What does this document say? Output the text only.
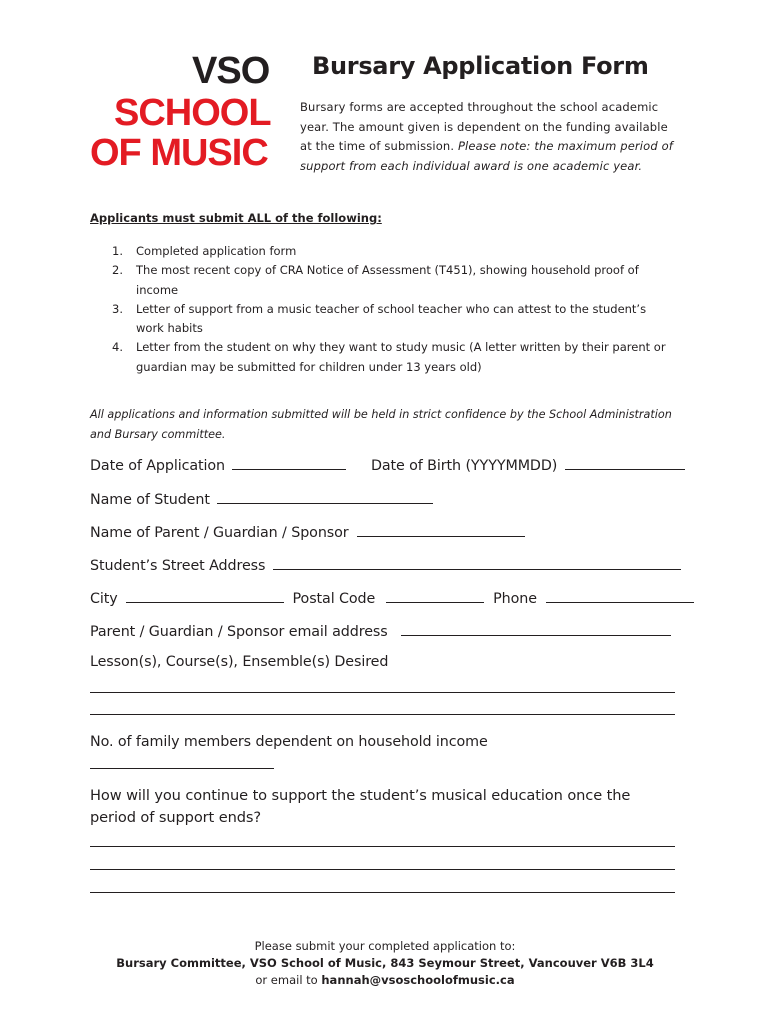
VSO
SCHOOL
OF MUSIC
Bursary Application Form

Bursary forms are accepted throughout the school academic year. The amount given is dependent on the funding available at the time of submission. Please note: the maximum period of support from each individual award is one academic year.

Applicants must submit ALL of the following:

1. Completed application form
2. The most recent copy of CRA Notice of Assessment (T451), showing household proof of income
3. Letter of support from a music teacher of school teacher who can attest to the student’s work habits
4. Letter from the student on why they want to study music (A letter written by their parent or guardian may be submitted for children under 13 years old)

All applications and information submitted will be held in strict confidence by the School Administration and Bursary committee.

Date of Application	Date of Birth (YYYYMMDD)
Name of Student
Name of Parent / Guardian / Sponsor
Student’s Street Address
City	Postal Code	Phone
Parent / Guardian / Sponsor email address
Lesson(s), Course(s), Ensemble(s) Desired
No. of family members dependent on household income
How will you continue to support the student’s musical education once the period of support ends?
Please submit your completed application to:
Bursary Committee, VSO School of Music, 843 Seymour Street, Vancouver V6B 3L4
or email to hannah@vsoschoolofmusic.ca
